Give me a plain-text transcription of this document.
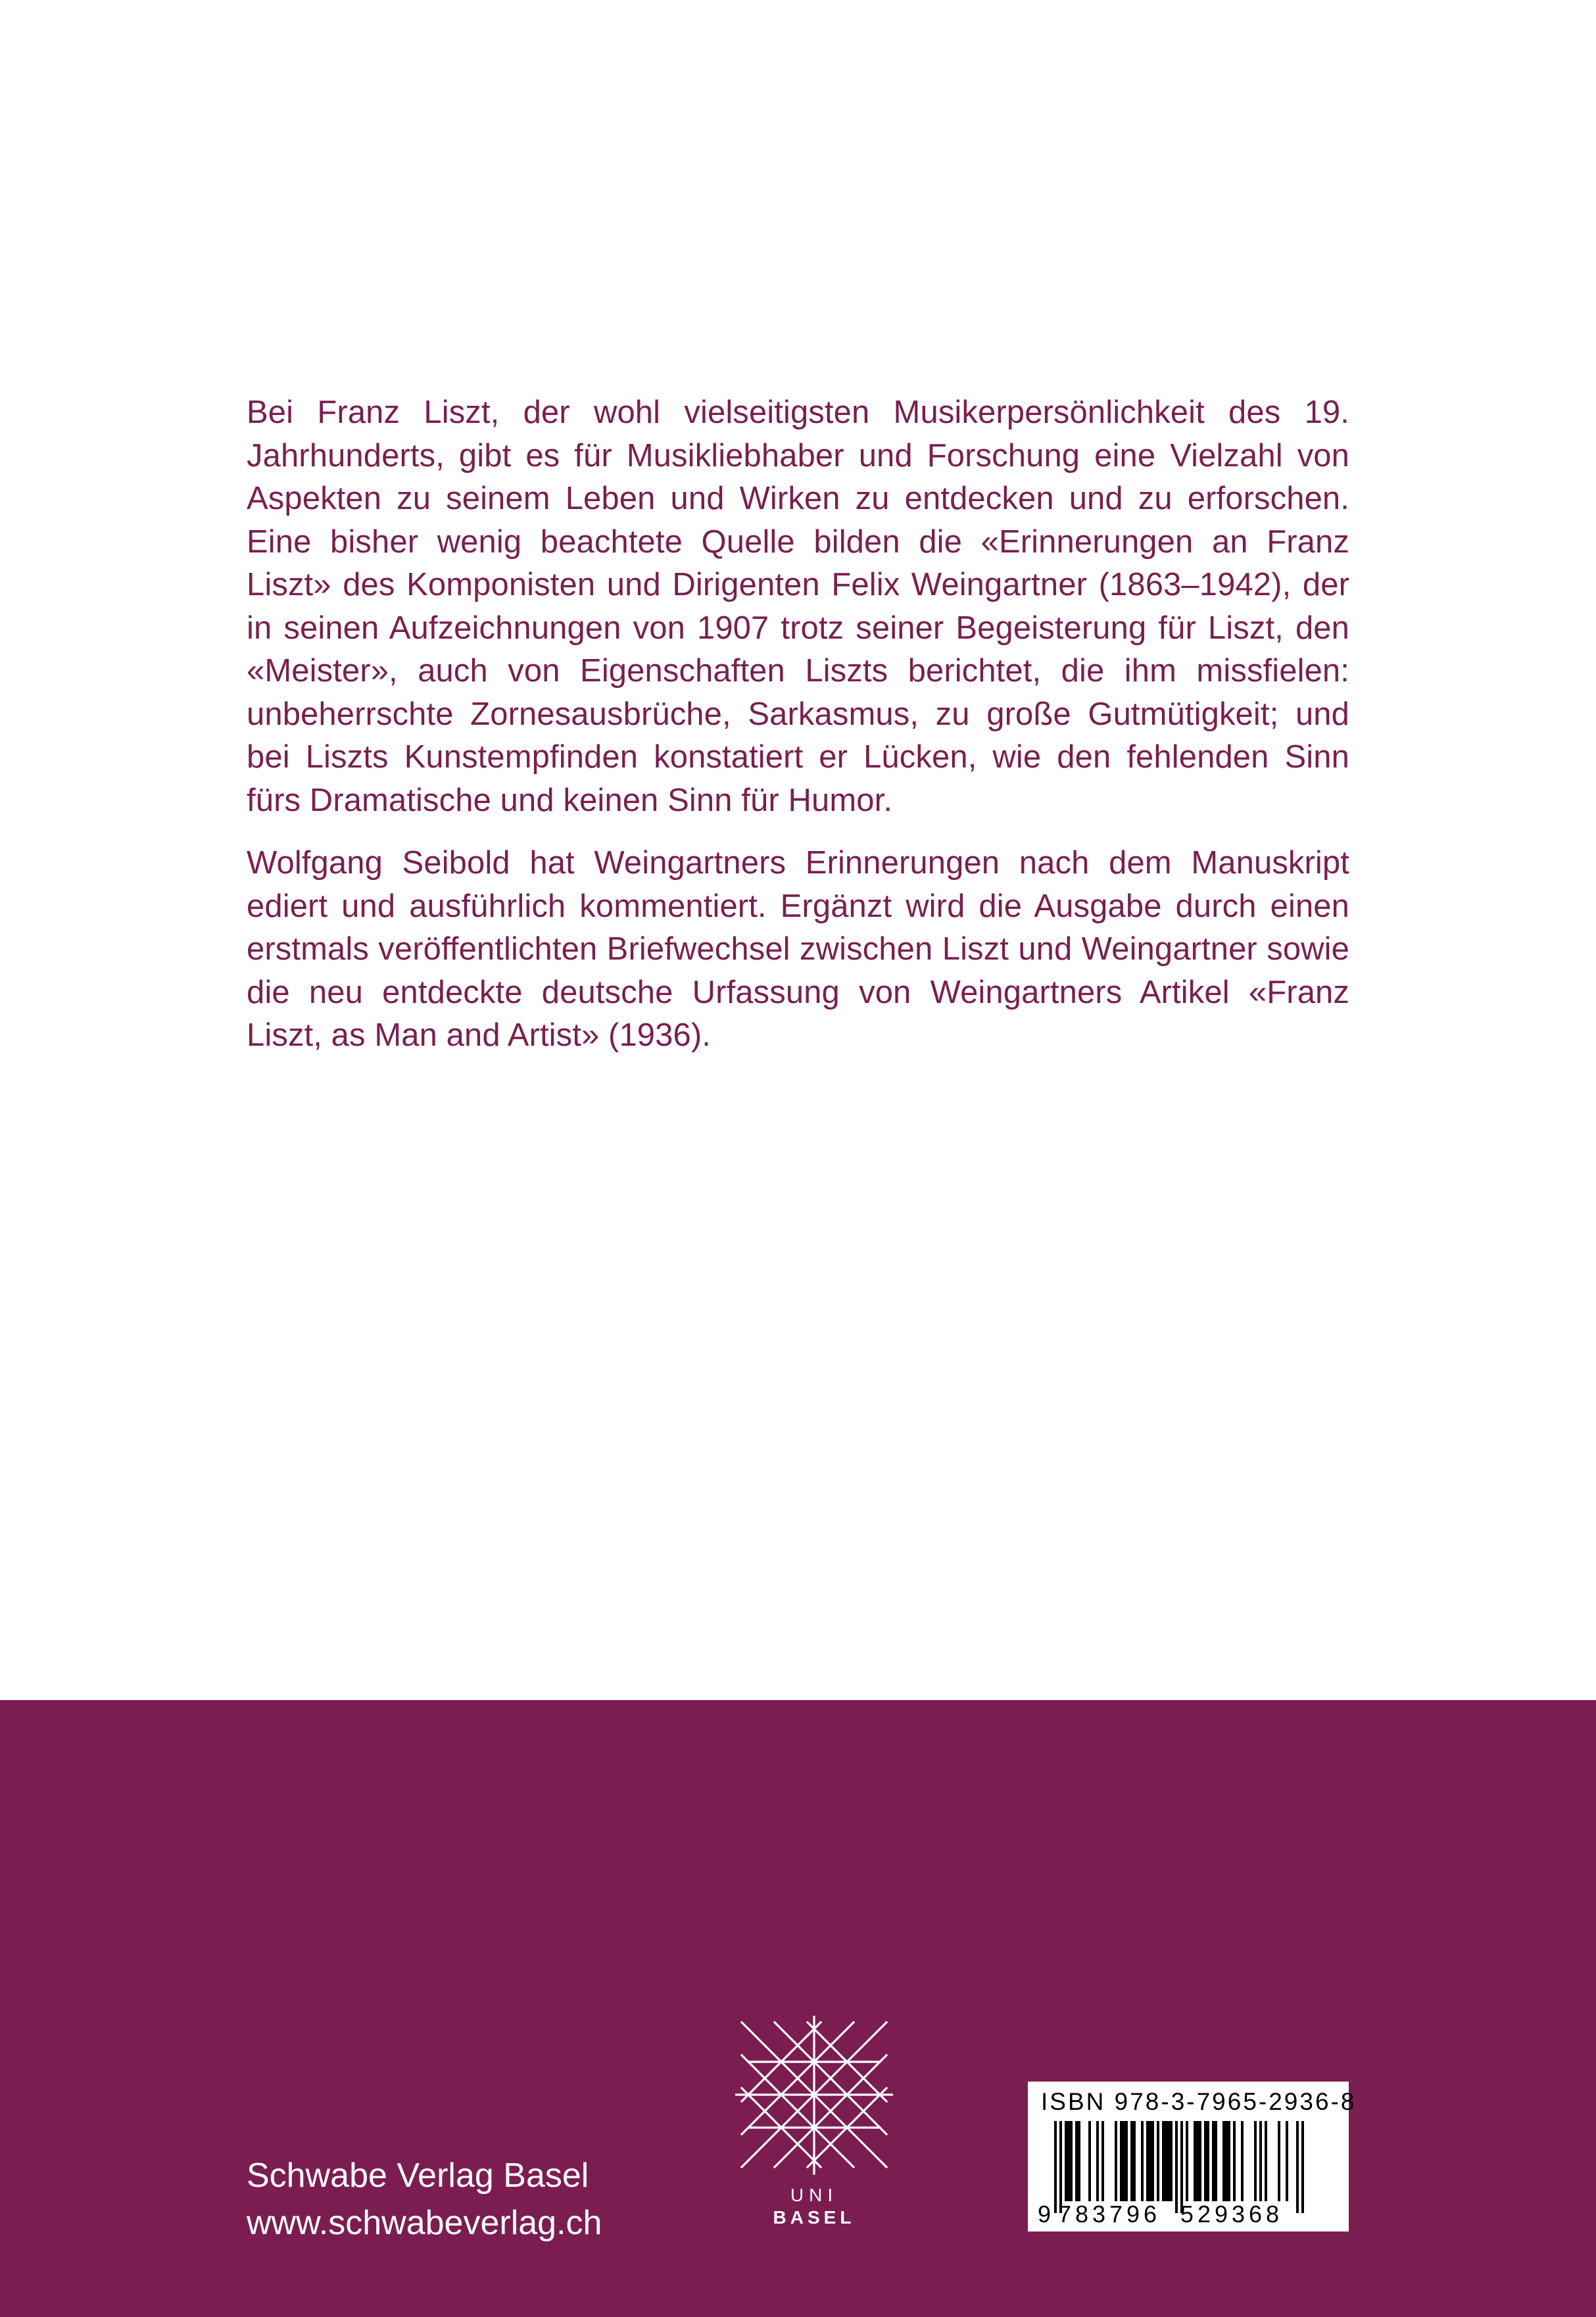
Bei Franz Liszt, der wohl vielseitigsten Musikerpersönlichkeit des 19. Jahrhunderts, gibt es für Musikliebhaber und Forschung eine Vielzahl von Aspekten zu seinem Leben und Wirken zu entdecken und zu erforschen. Eine bisher wenig beachtete Quelle bilden die «Erinnerungen an Franz Liszt» des Komponisten und Dirigenten Felix Weingartner (1863–1942), der in seinen Aufzeichnungen von 1907 trotz seiner Begeisterung für Liszt, den «Meister», auch von Eigenschaften Liszts berichtet, die ihm missfielen: unbeherrschte Zornesausbrüche, Sarkasmus, zu große Gutmütigkeit; und bei Liszts Kunstempfinden konstatiert er Lücken, wie den fehlenden Sinn fürs Dramatische und keinen Sinn für Humor.

Wolfgang Seibold hat Weingartners Erinnerungen nach dem Manuskript ediert und ausführlich kommentiert. Ergänzt wird die Ausgabe durch einen erstmals veröffentlichten Briefwechsel zwischen Liszt und Weingartner sowie die neu entdeckte deutsche Urfassung von Weingartners Artikel «Franz Liszt, as Man and Artist» (1936).

Schwabe Verlag Basel
www.schwabeverlag.ch
UNI
BASEL
ISBN 978-3-7965-2936-8
9 783796 529368
